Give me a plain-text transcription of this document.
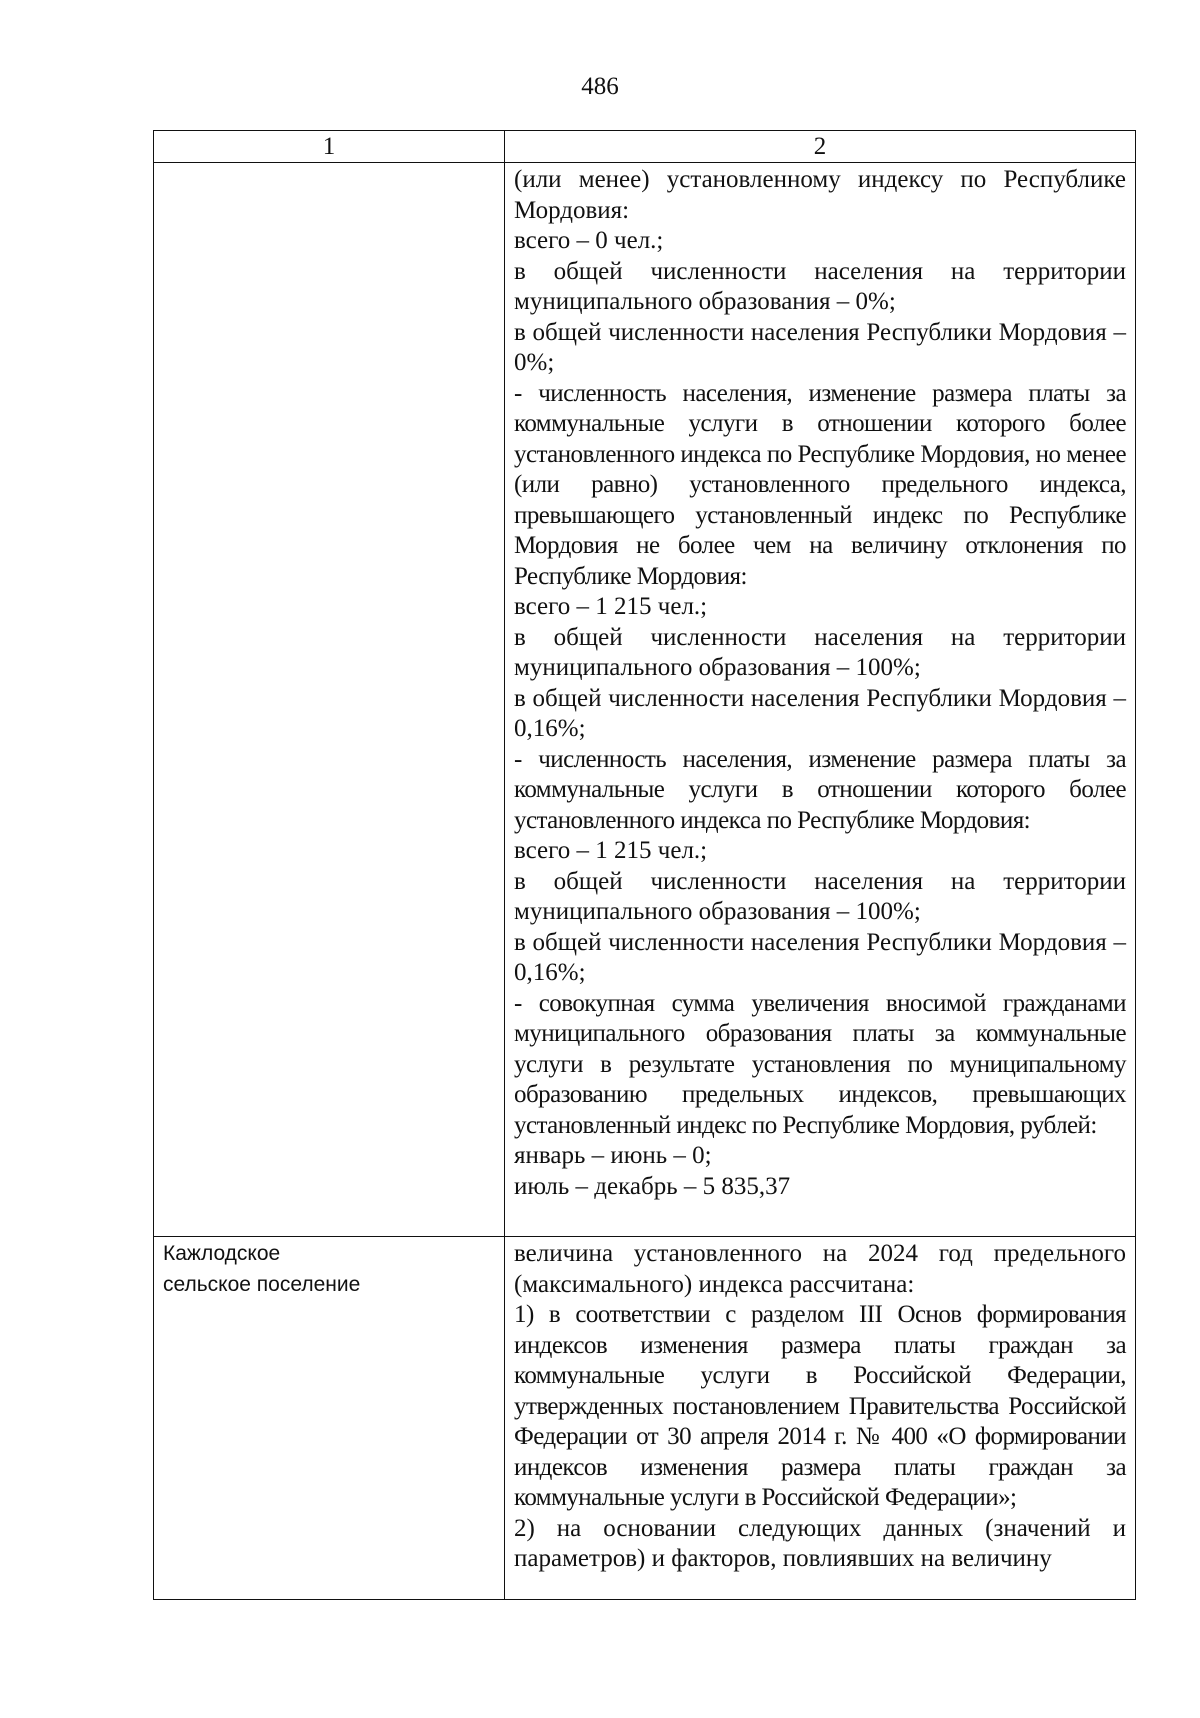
486
1	2

(или менее) установленному индексу по Республике Мордовия:

всего – 0 чел.;

в общей численности населения на территории муниципального образования – 0%;

в общей численности населения Республики Мордовия – 0%;

- численность населения, изменение размера платы за коммунальные услуги в отношении которого более установленного индекса по Республике Мордовия, но менее (или равно) установленного предельного индекса, превышающего установленный индекс по Республике Мордовия не более чем на величину отклонения по Республике Мордовия:

всего – 1 215 чел.;

в общей численности населения на территории муниципального образования – 100%;

в общей численности населения Республики Мордовия – 0,16%;

- численность населения, изменение размера платы за коммунальные услуги в отношении которого более установленного индекса по Республике Мордовия:

всего – 1 215 чел.;

в общей численности населения на территории муниципального образования – 100%;

в общей численности населения Республики Мордовия – 0,16%;

- совокупная сумма увеличения вносимой гражданами муниципального образования платы за коммунальные услуги в результате установления по муниципальному образованию предельных индексов, превышающих установленный индекс по Республике Мордовия, рублей:

январь – июнь – 0;

июль – декабрь – 5 835,37

Кажлодское
сельское поселение

величина установленного на 2024 год предельного (максимального) индекса рассчитана:

1) в соответствии с разделом III Основ формирования индексов изменения размера платы граждан за коммунальные услуги в Российской Федерации, утвержденных постановлением Правительства Российской Федерации от 30 апреля 2014 г. № 400 «О формировании индексов изменения размера платы граждан за коммунальные услуги в Российской Федерации»;

2) на основании следующих данных (значений и параметров) и факторов, повлиявших на величину
